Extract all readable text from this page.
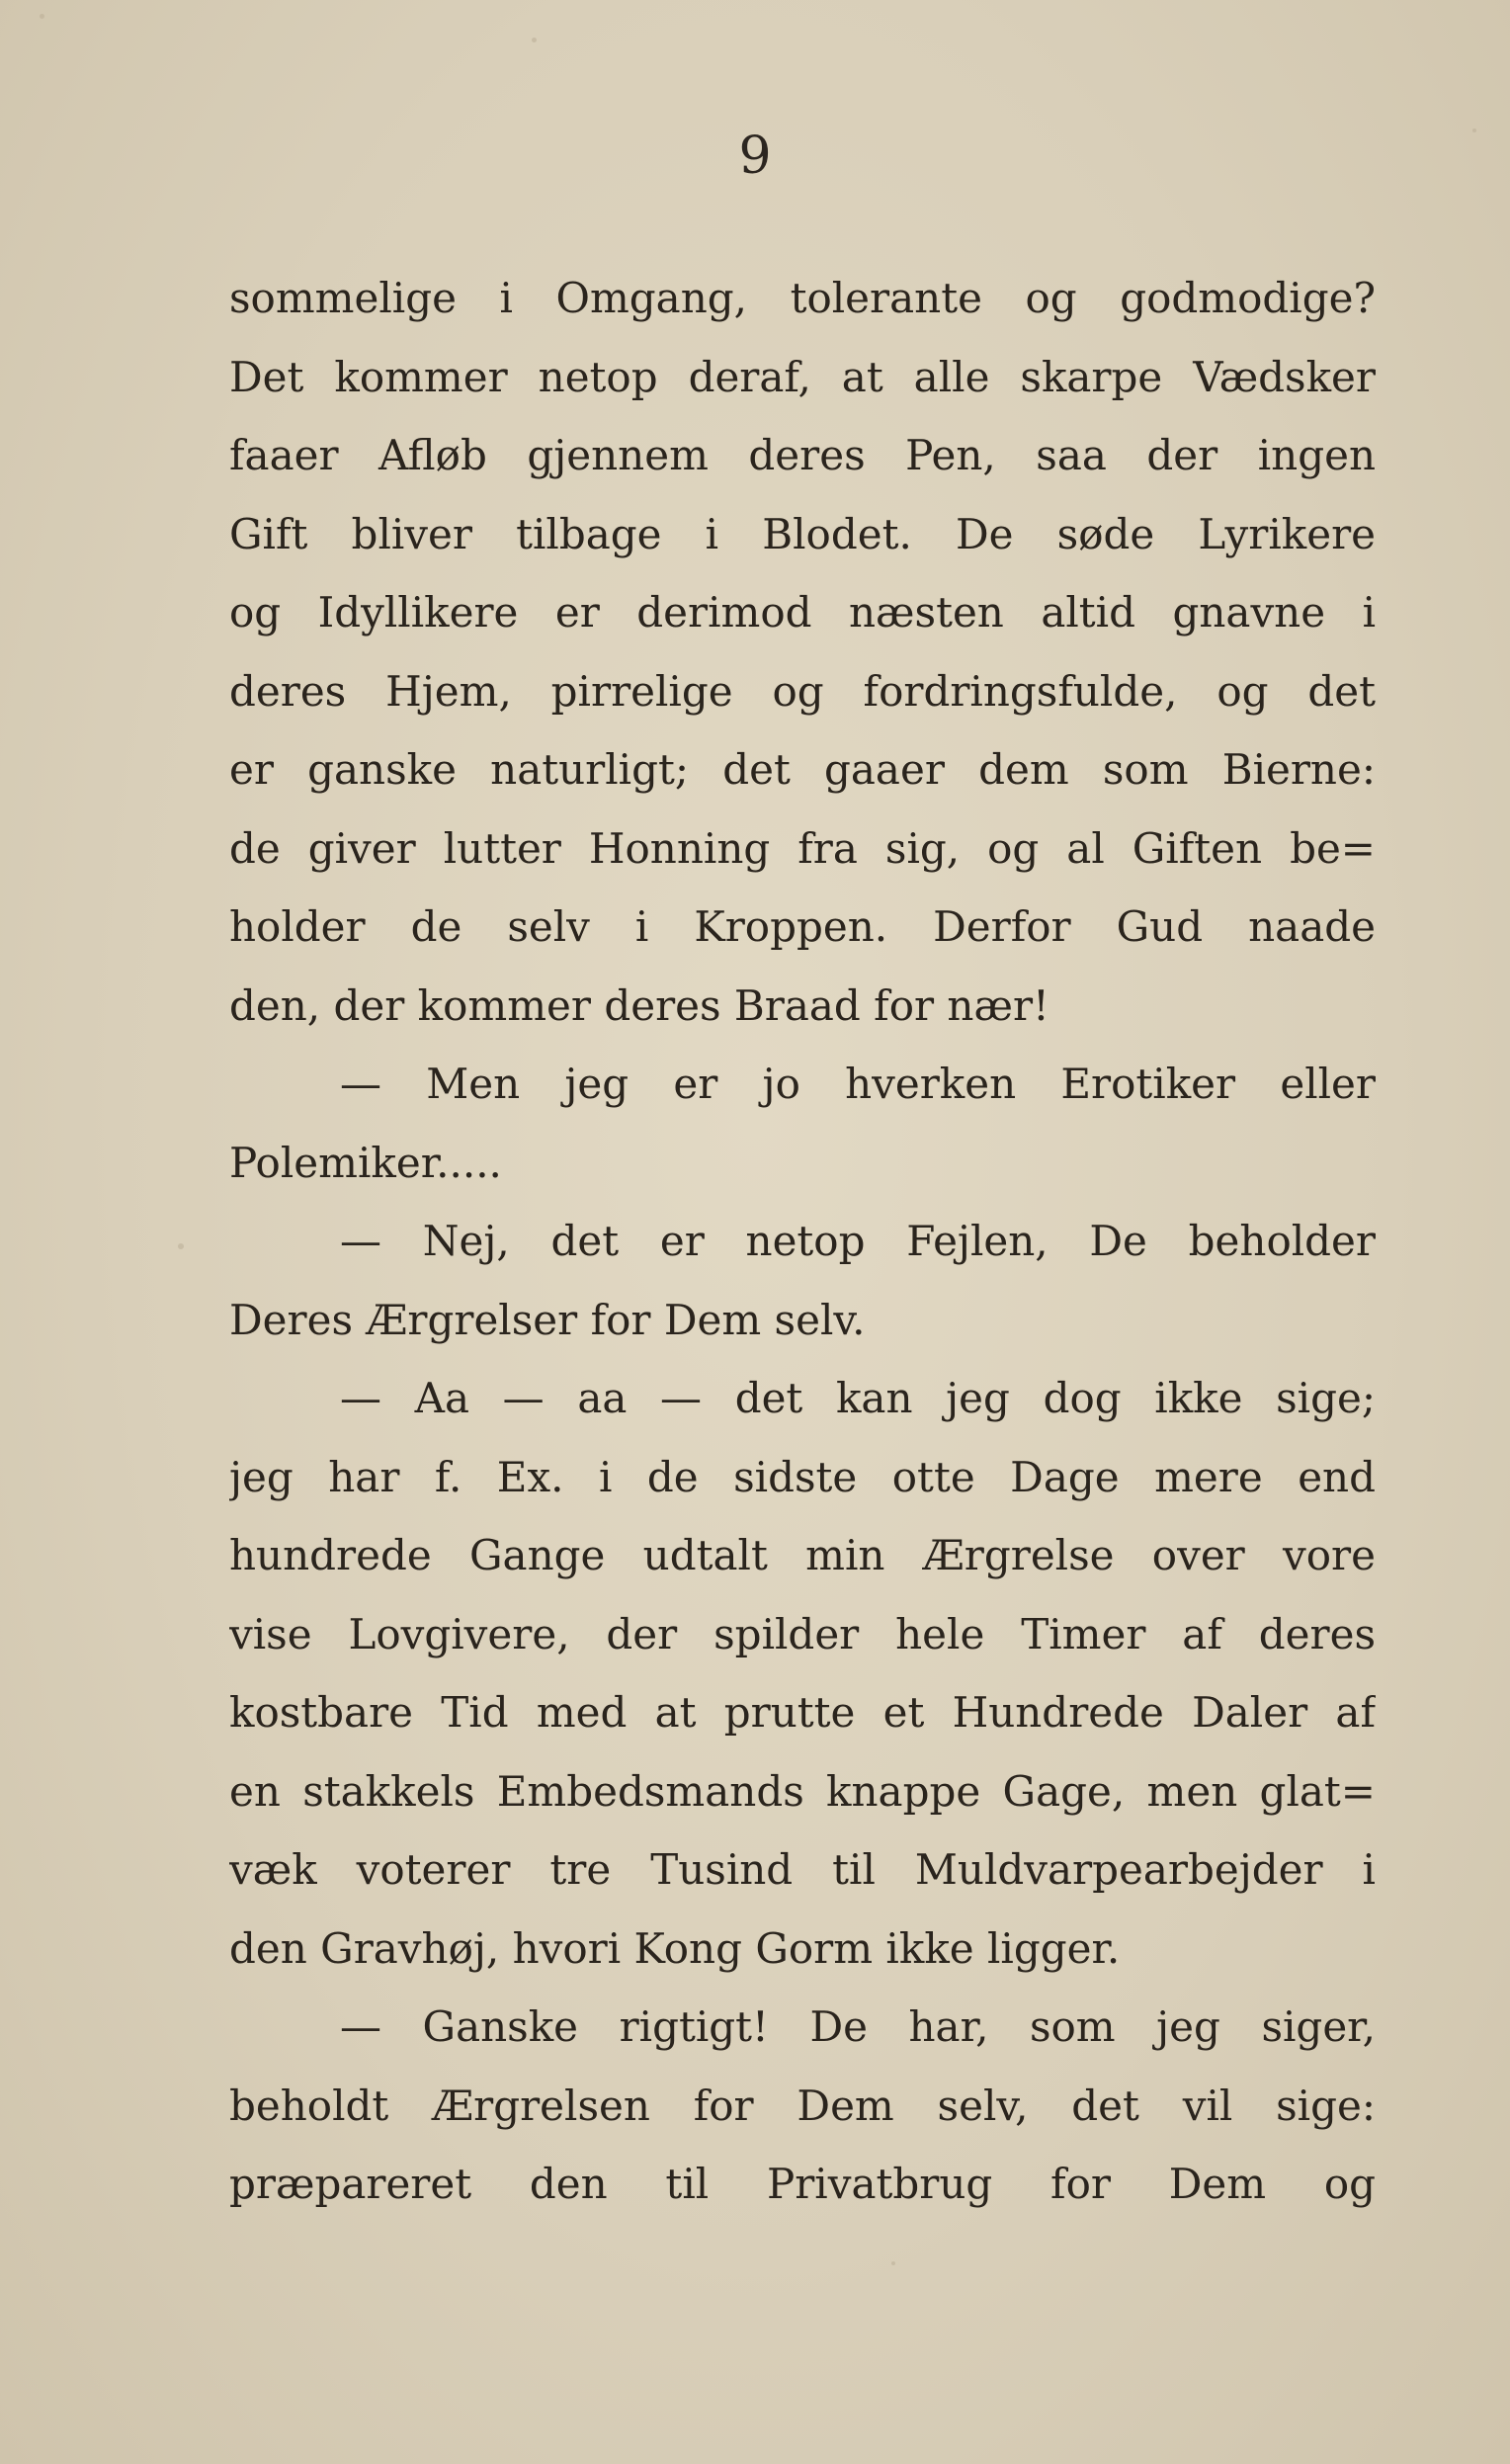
9
sommelige i Omgang, tolerante og godmodige?
Det kommer netop deraf, at alle skarpe Vædsker
faaer Afløb gjennem deres Pen, saa der ingen
Gift bliver tilbage i Blodet. De søde Lyrikere
og Idyllikere er derimod næsten altid gnavne i
deres Hjem, pirrelige og fordringsfulde, og det
er ganske naturligt; det gaaer dem som Bierne:
de giver lutter Honning fra sig, og al Giften be=
holder de selv i Kroppen. Derfor Gud naade
den, der kommer deres Braad for nær!
— Men jeg er jo hverken Erotiker eller
Polemiker.....
— Nej, det er netop Fejlen, De beholder
Deres Ærgrelser for Dem selv.
— Aa — aa — det kan jeg dog ikke sige;
jeg har f. Ex. i de sidste otte Dage mere end
hundrede Gange udtalt min Ærgrelse over vore
vise Lovgivere, der spilder hele Timer af deres
kostbare Tid med at prutte et Hundrede Daler af
en stakkels Embedsmands knappe Gage, men glat=
væk voterer tre Tusind til Muldvarpearbejder i
den Gravhøj, hvori Kong Gorm ikke ligger.
— Ganske rigtigt! De har, som jeg siger,
beholdt Ærgrelsen for Dem selv, det vil sige:
præpareret den til Privatbrug for Dem og
